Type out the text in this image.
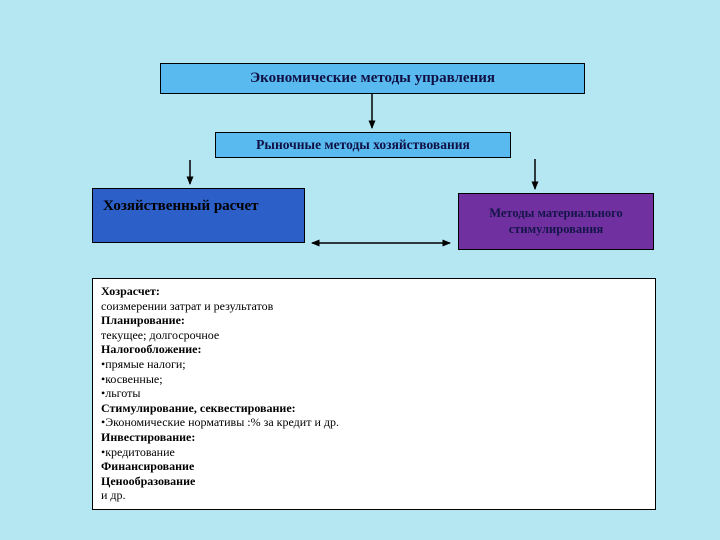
Экономические методы управления
Рыночные методы хозяйствования
Хозяйственный расчет	Методы материального стимулирования
Хозрасчет:
соизмерении затрат и результатов
Планирование:
текущее; долгосрочное
Налогообложение:
•прямые налоги;
•косвенные;
•льготы
Стимулирование, секвестирование:
•Экономические нормативы :% за кредит и др.
Инвестирование:
•кредитование
Финансирование
Ценообразование
и др.
